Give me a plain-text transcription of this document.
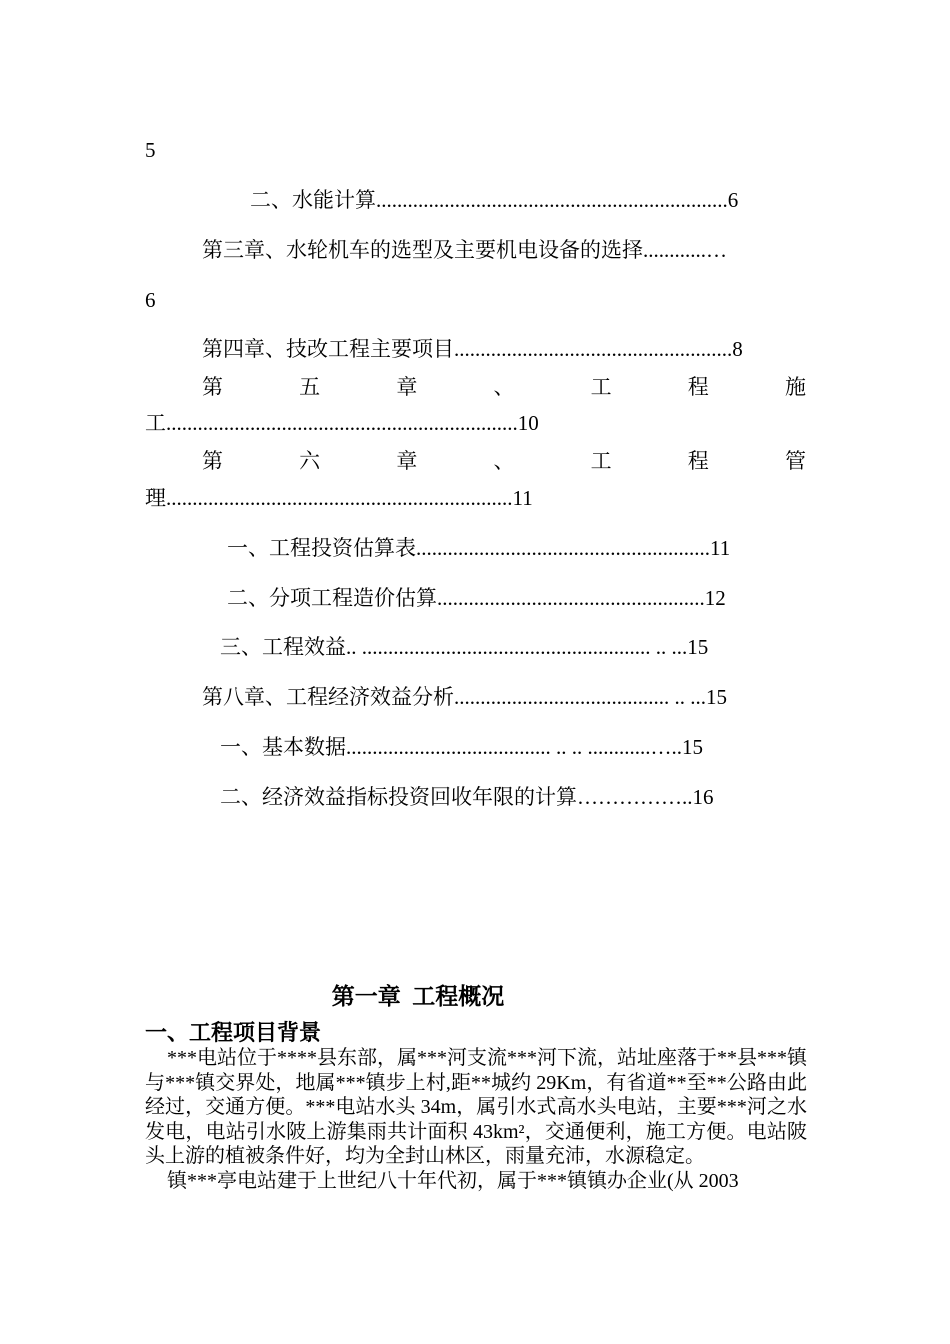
5
二、水能计算...................................................................6
第三章、水轮机车的选型及主要机电设备的选择............…
6
第四章、技改工程主要项目.....................................................8
第	五	章	、	工	程	施
工...................................................................10
第	六	章	、	工	程	管
理..................................................................11
一、工程投资估算表........................................................11
二、分项工程造价估算...................................................12
三、工程效益.. ....................................................... .. ...15
第八章、工程经济效益分析......................................... .. ...15
一、基本数据....................................... .. .. ............…..15
二、经济效益指标投资回收年限的计算……………..16
第一章  工程概况
一、工程项目背景

***电站位于****县东部，属***河支流***河下流，站址座落于**县***镇与***镇交界处，地属***镇步上村,距**城约 29Km，有省道**至**公路由此经过，交通方便。***电站水头 34m，属引水式高水头电站，主要***河之水发电，电站引水陂上游集雨共计面积 43km²，交通便利，施工方便。电站陂头上游的植被条件好，均为全封山林区，雨量充沛，水源稳定。

镇***亭电站建于上世纪八十年代初，属于***镇镇办企业(从 2003
